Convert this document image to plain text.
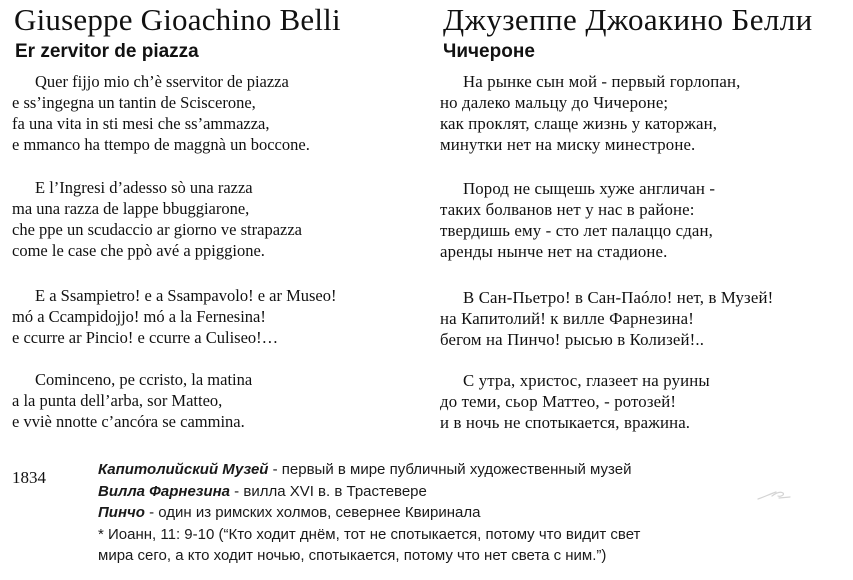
Giuseppe Gioachino Belli
Er zervitor de piazza
Quer fijjo mio ch’è sservitor de piazza
e ss’ingegna un tantin de Sciscerone,
fa una vita in sti mesi che ss’ammazza,
e mmanco ha ttempo de maggnà un boccone.
E l’Ingresi d’adesso sò una razza
ma una razza de lappe bbuggiarone,
che ppe un scudaccio ar giorno ve strapazza
come le case che ppò avé a ppiggione.
E a Ssampietro! e a Ssampavolo! e ar Museo!
mó a Ccampidojjo! mó a la Fernesina!
e ccurre ar Pincio! e ccurre a Culiseo!…
Cominceno, pe ccristo, la matina
a la punta dell’arba, sor Matteo,
e vviè nnotte c’ancóra se cammina.
Джузеппе Джоакино Белли
Чичероне
На рынке сын мой - первый горлопан,
но далеко мальцу до Чичероне;
как проклят, слаще жизнь у каторжан,
минутки нет на миску минестроне.
Пород не сыщешь хуже англичан -
таких болванов нет у нас в районе:
твердишь ему - сто лет палаццо сдан,
аренды нынче нет на стадионе.
В Сан-Пьетро! в Сан-Паóло! нет, в Музей!
на Капитолий! к вилле Фарнезина!
бегом на Пинчо! рысью в Колизей!..
С утра, христос, глазеет на руины
до теми, сьор Маттео, - ротозей!
и в ночь не спотыкается, вражина.
1834	Капитолийский Музей - первый в мире публичный художественный музей
Вилла Фарнезина - вилла XVI в. в Трастевере
Пинчо - один из римских холмов, севернее Квиринала
* Иоанн, 11: 9-10 (“Кто ходит днём, тот не спотыкается, потому что видит свет
мира сего, а кто ходит ночью, спотыкается, потому что нет света с ним.”)
